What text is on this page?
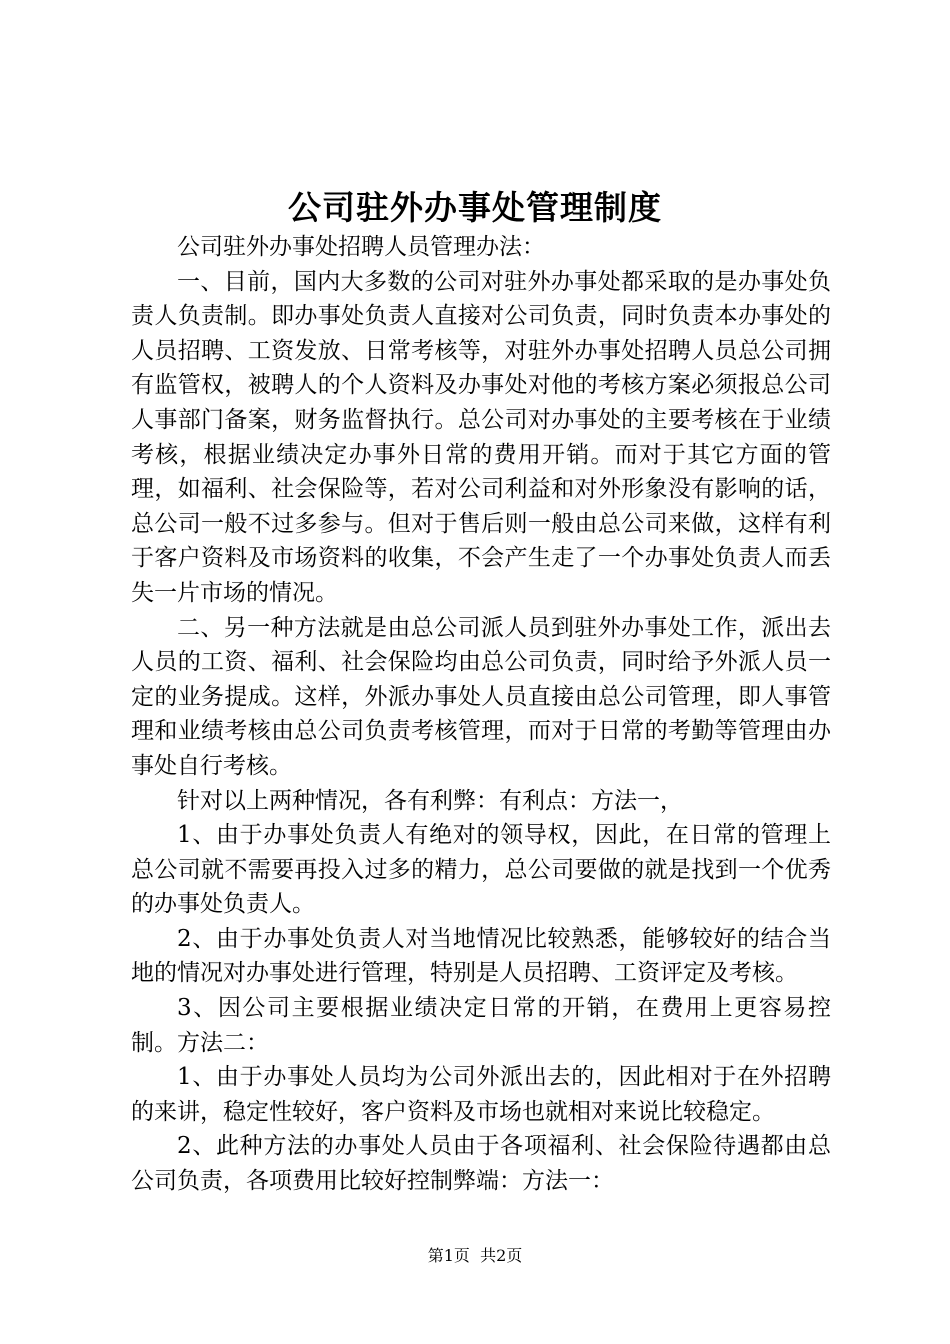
公司驻外办事处管理制度

公司驻外办事处招聘人员管理办法：

一、目前，国内大多数的公司对驻外办事处都采取的是办事处负责人负责制。即办事处负责人直接对公司负责，同时负责本办事处的人员招聘、工资发放、日常考核等，对驻外办事处招聘人员总公司拥有监管权，被聘人的个人资料及办事处对他的考核方案必须报总公司人事部门备案，财务监督执行。总公司对办事处的主要考核在于业绩考核，根据业绩决定办事外日常的费用开销。而对于其它方面的管理，如福利、社会保险等，若对公司利益和对外形象没有影响的话，总公司一般不过多参与。但对于售后则一般由总公司来做，这样有利于客户资料及市场资料的收集，不会产生走了一个办事处负责人而丢失一片市场的情况。

二、另一种方法就是由总公司派人员到驻外办事处工作，派出去人员的工资、福利、社会保险均由总公司负责，同时给予外派人员一定的业务提成。这样，外派办事处人员直接由总公司管理，即人事管理和业绩考核由总公司负责考核管理，而对于日常的考勤等管理由办事处自行考核。

针对以上两种情况，各有利弊：有利点：方法一，

1、由于办事处负责人有绝对的领导权，因此，在日常的管理上总公司就不需要再投入过多的精力，总公司要做的就是找到一个优秀的办事处负责人。

2、由于办事处负责人对当地情况比较熟悉，能够较好的结合当地的情况对办事处进行管理，特别是人员招聘、工资评定及考核。

3、因公司主要根据业绩决定日常的开销，在费用上更容易控制。方法二：

1、由于办事处人员均为公司外派出去的，因此相对于在外招聘的来讲，稳定性较好，客户资料及市场也就相对来说比较稳定。

2、此种方法的办事处人员由于各项福利、社会保险待遇都由总公司负责，各项费用比较好控制弊端：方法一：

第1页 共2页
